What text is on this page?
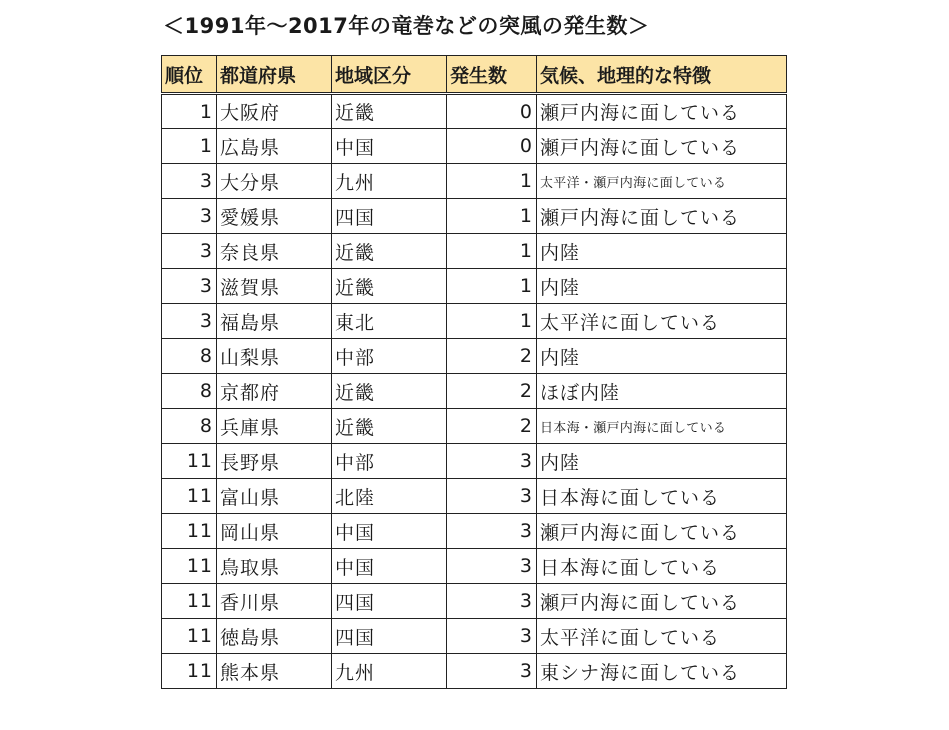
＜1991年～2017年の竜巻などの突風の発生数＞
順位	都道府県	地域区分	発生数	気候、地理的な特徴
1	大阪府	近畿	0	瀬戸内海に面している
1	広島県	中国	0	瀬戸内海に面している
3	大分県	九州	1	太平洋・瀬戸内海に面している
3	愛媛県	四国	1	瀬戸内海に面している
3	奈良県	近畿	1	内陸
3	滋賀県	近畿	1	内陸
3	福島県	東北	1	太平洋に面している
8	山梨県	中部	2	内陸
8	京都府	近畿	2	ほぼ内陸
8	兵庫県	近畿	2	日本海・瀬戸内海に面している
11	長野県	中部	3	内陸
11	富山県	北陸	3	日本海に面している
11	岡山県	中国	3	瀬戸内海に面している
11	鳥取県	中国	3	日本海に面している
11	香川県	四国	3	瀬戸内海に面している
11	徳島県	四国	3	太平洋に面している
11	熊本県	九州	3	東シナ海に面している
